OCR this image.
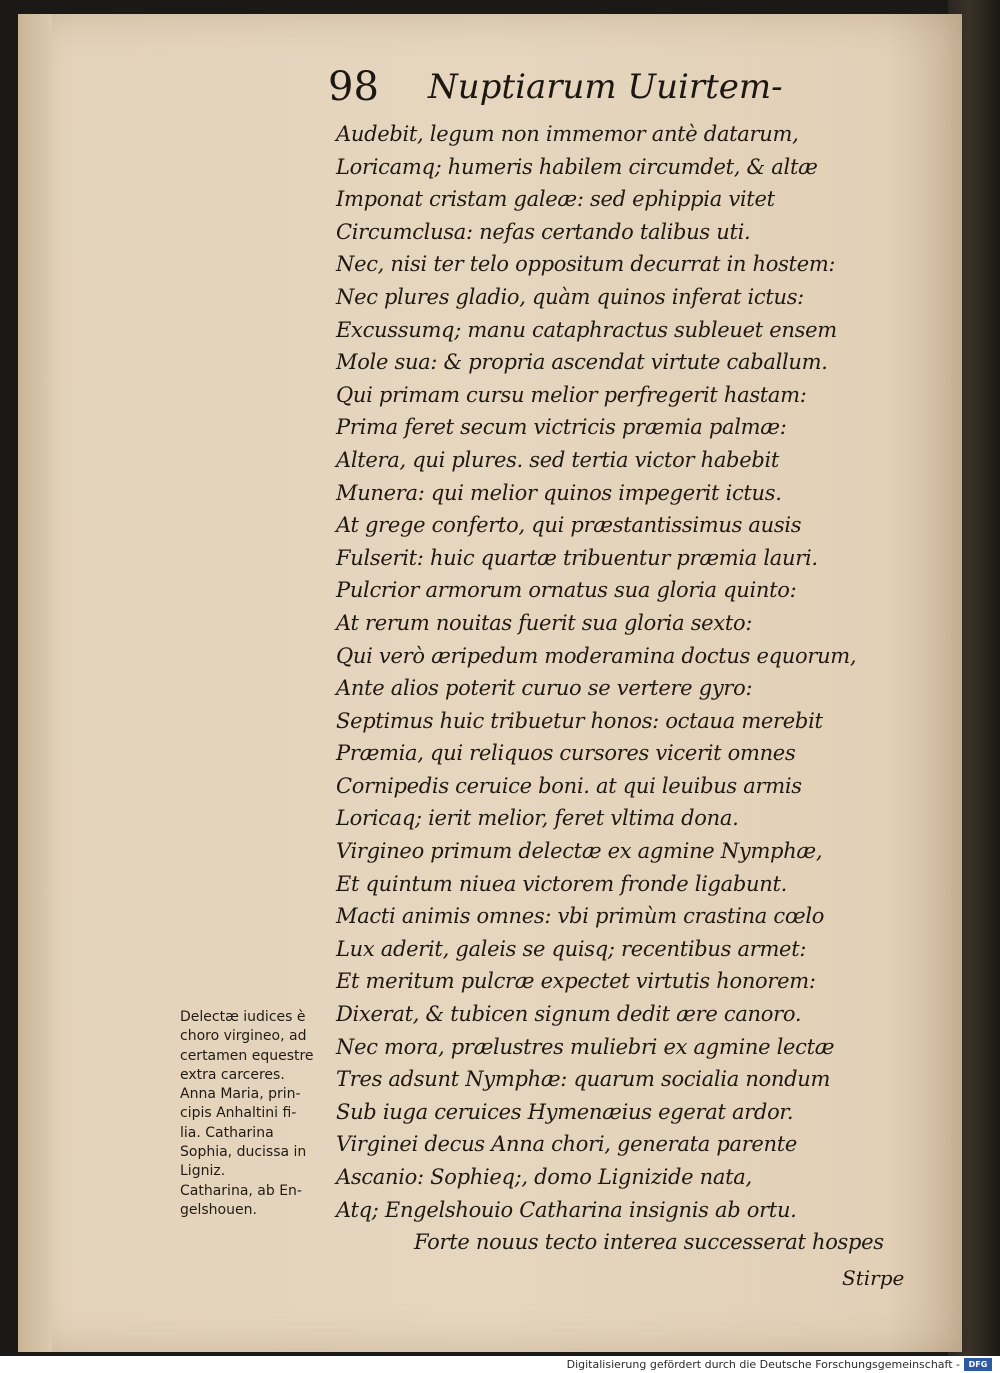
98 Nuptiarum Uuirtem-
Audebit, legum non immemor antè datarum,
Loricamq; humeris habilem circumdet, & altæ
Imponat cristam galeæ: sed ephippia vitet
Circumclusa: nefas certando talibus uti.
Nec, nisi ter telo oppositum decurrat in hostem:
Nec plures gladio, quàm quinos inferat ictus:
Excussumq; manu cataphractus subleuet ensem
Mole sua: & propria ascendat virtute caballum.
Qui primam cursu melior perfregerit hastam:
Prima feret secum victricis præmia palmæ:
Altera, qui plures. sed tertia victor habebit
Munera: qui melior quinos impegerit ictus.
At grege conferto, qui præstantissimus ausis
Fulserit: huic quartæ tribuentur præmia lauri.
Pulcrior armorum ornatus sua gloria quinto:
At rerum nouitas fuerit sua gloria sexto:
Qui verò æripedum moderamina doctus equorum,
Ante alios poterit curuo se vertere gyro:
Septimus huic tribuetur honos: octaua merebit
Præmia, qui reliquos cursores vicerit omnes
Cornipedis ceruice boni. at qui leuibus armis
Loricaq; ierit melior, feret vltima dona.
Virgineo primum delectæ ex agmine Nymphæ,
Et quintum niuea victorem fronde ligabunt.
Macti animis omnes: vbi primùm crastina cœlo
Lux aderit, galeis se quisq; recentibus armet:
Et meritum pulcræ expectet virtutis honorem:
Dixerat, & tubicen signum dedit ære canoro.
Nec mora, prælustres muliebri ex agmine lectæ
Tres adsunt Nymphæ: quarum socialia nondum
Sub iuga ceruices Hymenæius egerat ardor.
Virginei decus Anna chori, generata parente
Ascanio: Sophieq;, domo Lignizide nata,
Atq; Engelshouio Catharina insignis ab ortu.
Forte nouus tecto interea successerat hospes
Stirpe
Delectæ iudices è
choro virgineo, ad
certamen equestre
extra carceres.
Anna Maria, prin-
cipis Anhaltini fi-
lia. Catharina
Sophia, ducissa in
Ligniz.
Catharina, ab En-
gelshouen.
Digitalisierung gefördert durch die Deutsche Forschungsgemeinschaft -	DFG
